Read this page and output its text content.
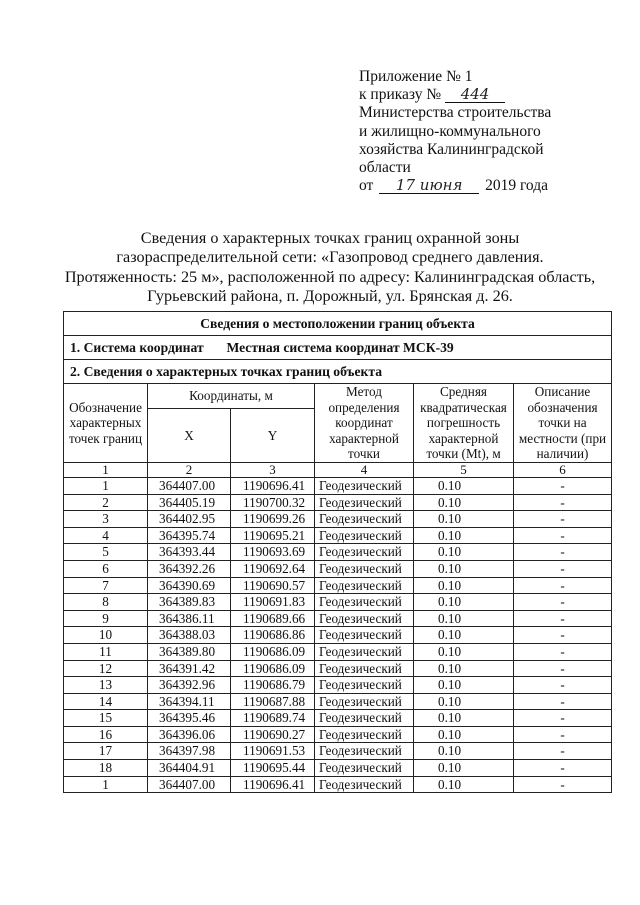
Приложение № 1
к приказу № 444
Министерства строительства
и жилищно-коммунального
хозяйства Калининградской
области
от 17 июня 2019 года
Сведения о характерных точках границ охранной зоны
газораспределительной сети: «Газопровод среднего давления.
Протяженность: 25 м», расположенной по адресу: Калининградская область,
Гурьевский района, п. Дорожный, ул. Брянская д. 26.
Сведения о местоположении границ объекта					
1. Система координат Местная система координат МСК-39					
2. Сведения о характерных точках границ объекта					
Обозначение характерных точек границ	Координаты, м		Метод определения координат характерной точки	Средняя квадратическая погрешность характерной точки (Mt), м	Описание обозначения точки на местности (при наличии)
	X	Y			
1	2	3	4	5	6
1	364407.00	1190696.41	Геодезический	0.10	-
2	364405.19	1190700.32	Геодезический	0.10	-
3	364402.95	1190699.26	Геодезический	0.10	-
4	364395.74	1190695.21	Геодезический	0.10	-
5	364393.44	1190693.69	Геодезический	0.10	-
6	364392.26	1190692.64	Геодезический	0.10	-
7	364390.69	1190690.57	Геодезический	0.10	-
8	364389.83	1190691.83	Геодезический	0.10	-
9	364386.11	1190689.66	Геодезический	0.10	-
10	364388.03	1190686.86	Геодезический	0.10	-
11	364389.80	1190686.09	Геодезический	0.10	-
12	364391.42	1190686.09	Геодезический	0.10	-
13	364392.96	1190686.79	Геодезический	0.10	-
14	364394.11	1190687.88	Геодезический	0.10	-
15	364395.46	1190689.74	Геодезический	0.10	-
16	364396.06	1190690.27	Геодезический	0.10	-
17	364397.98	1190691.53	Геодезический	0.10	-
18	364404.91	1190695.44	Геодезический	0.10	-
1	364407.00	1190696.41	Геодезический	0.10	-
